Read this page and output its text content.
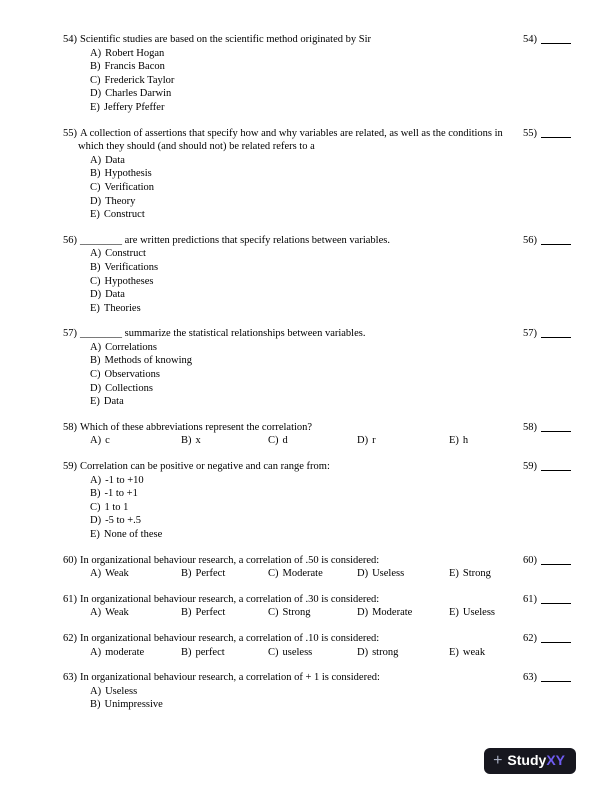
54) Scientific studies are based on the scientific method originated by Sir	54)
A) Robert Hogan
B) Francis Bacon
C) Frederick Taylor
D) Charles Darwin
E) Jeffery Pfeffer
55) A collection of assertions that specify how and why variables are related, as well as the conditions in which they should (and should not) be related refers to a
55)
A) Data
B) Hypothesis
C) Verification
D) Theory
E) Construct
56) ________ are written predictions that specify relations between variables.	56)
A) Construct
B) Verifications
C) Hypotheses
D) Data
E) Theories
57) ________ summarize the statistical relationships between variables.	57)
A) Correlations
B) Methods of knowing
C) Observations
D) Collections
E) Data
58) Which of these abbreviations represent the correlation?	58)
A) c	B) x	C) d	D) r	E) h
59) Correlation can be positive or negative and can range from:	59)
A) -1 to +10
B) -1 to +1
C) 1 to 1
D) -5 to +.5
E) None of these
60) In organizational behaviour research, a correlation of .50 is considered:	60)
A) Weak	B) Perfect	C) Moderate	D) Useless	E) Strong
61) In organizational behaviour research, a correlation of .30 is considered:	61)
A) Weak	B) Perfect	C) Strong	D) Moderate	E) Useless
62) In organizational behaviour research, a correlation of .10 is considered:	62)
A) moderate	B) perfect	C) useless	D) strong	E) weak
63) In organizational behaviour research, a correlation of + 1 is considered:	63)
A) Useless
B) Unimpressive
+ Study XY
